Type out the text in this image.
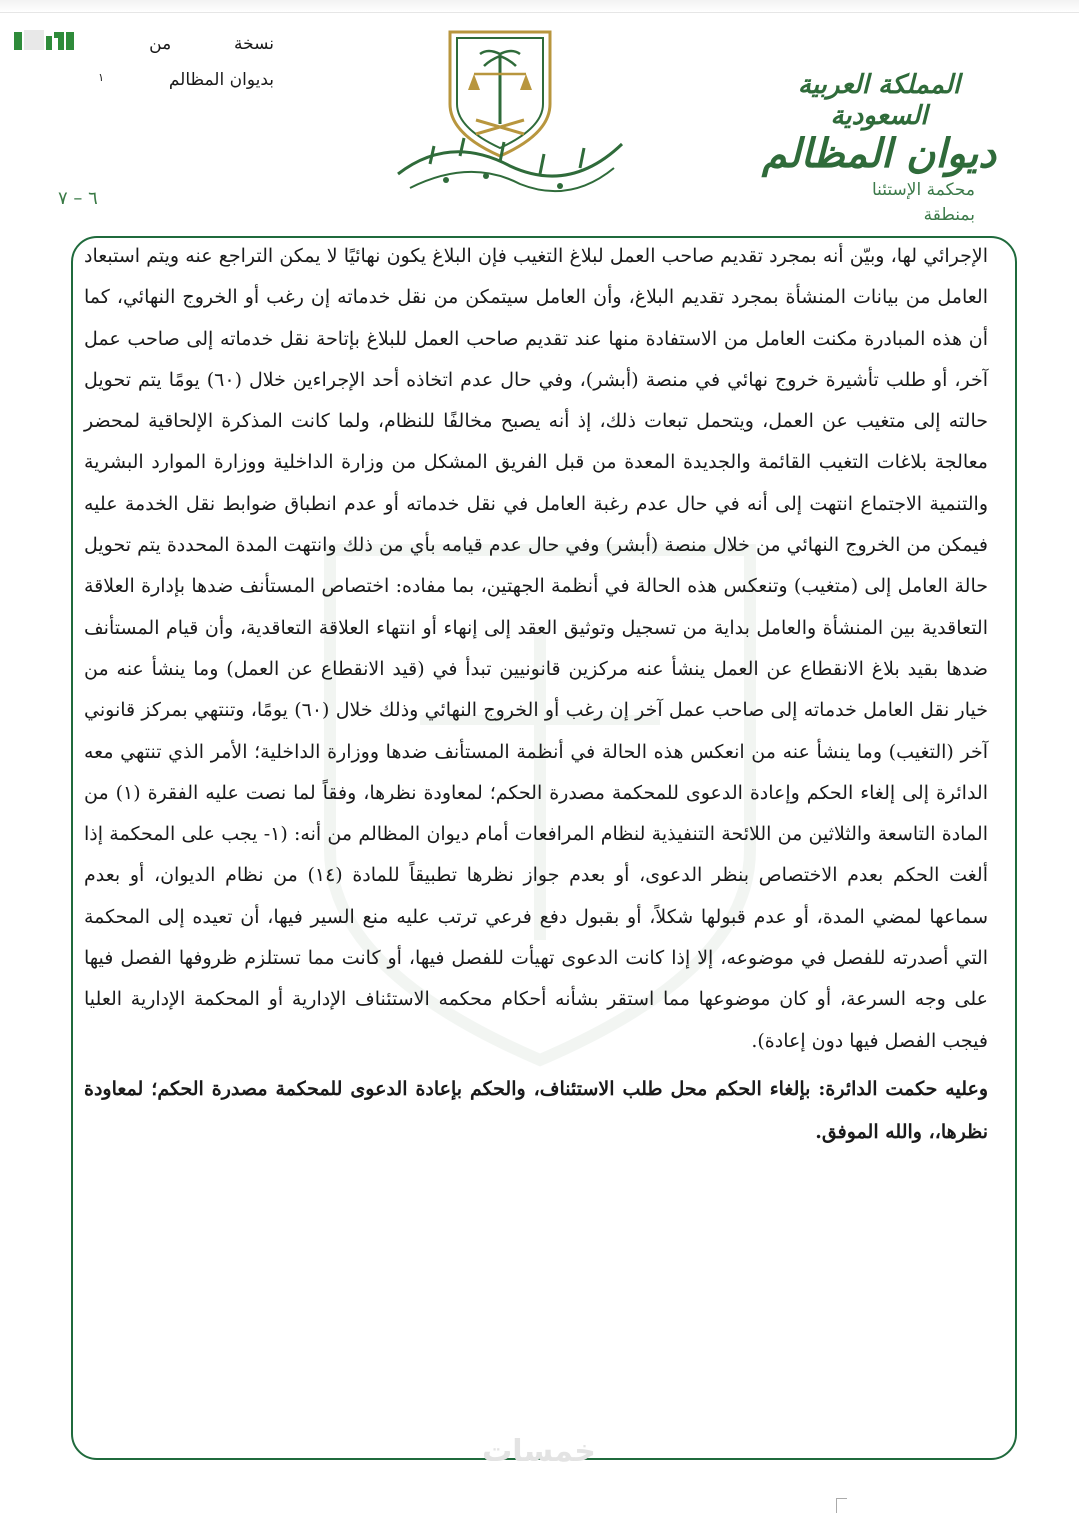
نسخة  من
بديوان المظالم  $^١$
٦ – ٧
المملكة العربية السعودية
ديوان المظالم
محكمة الإستئنا
بمنطقة

الإجرائي لها، وبيّن أنه بمجرد تقديم صاحب العمل لبلاغ التغيب فإن البلاغ يكون نهائيًا لا يمكن التراجع عنه ويتم استبعاد العامل من بيانات المنشأة بمجرد تقديم البلاغ، وأن العامل سيتمكن من نقل خدماته إن رغب أو الخروج النهائي، كما أن هذه المبادرة مكنت العامل من الاستفادة منها عند تقديم صاحب العمل للبلاغ بإتاحة نقل خدماته إلى صاحب عمل آخر، أو طلب تأشيرة خروج نهائي في منصة (أبشر)، وفي حال عدم اتخاذه أحد الإجراءين خلال (٦٠) يومًا يتم تحويل حالته إلى متغيب عن العمل، ويتحمل تبعات ذلك، إذ أنه يصبح مخالفًا للنظام، ولما كانت المذكرة الإلحاقية لمحضر معالجة بلاغات التغيب القائمة والجديدة المعدة من قبل الفريق المشكل من وزارة الداخلية ووزارة الموارد البشرية والتنمية الاجتماع انتهت إلى أنه في حال عدم رغبة العامل في نقل خدماته أو عدم انطباق ضوابط نقل الخدمة عليه فيمكن من الخروج النهائي من خلال منصة (أبشر) وفي حال عدم قيامه بأي من ذلك وانتهت المدة المحددة يتم تحويل حالة العامل إلى (متغيب) وتنعكس هذه الحالة في أنظمة الجهتين، بما مفاده: اختصاص المستأنف ضدها بإدارة العلاقة التعاقدية بين المنشأة والعامل بداية من تسجيل وتوثيق العقد إلى إنهاء أو انتهاء العلاقة التعاقدية، وأن قيام المستأنف ضدها بقيد بلاغ الانقطاع عن العمل ينشأ عنه مركزين قانونيين تبدأ في (قيد الانقطاع عن العمل) وما ينشأ عنه من خيار نقل العامل خدماته إلى صاحب عمل آخر إن رغب أو الخروج النهائي وذلك خلال (٦٠) يومًا، وتنتهي بمركز قانوني آخر (التغيب) وما ينشأ عنه من انعكس هذه الحالة في أنظمة المستأنف ضدها ووزارة الداخلية؛ الأمر الذي تنتهي معه الدائرة إلى إلغاء الحكم وإعادة الدعوى للمحكمة مصدرة الحكم؛ لمعاودة نظرها، وفقاً لما نصت عليه الفقرة (١) من المادة التاسعة والثلاثين من اللائحة التنفيذية لنظام المرافعات أمام ديوان المظالم من أنه: (١- يجب على المحكمة إذا ألغت الحكم بعدم الاختصاص بنظر الدعوى، أو بعدم جواز نظرها تطبيقاً للمادة (١٤) من نظام الديوان، أو بعدم سماعها لمضي المدة، أو عدم قبولها شكلاً، أو بقبول دفع فرعي ترتب عليه منع السير فيها، أن تعيده إلى المحكمة التي أصدرته للفصل في موضوعه، إلا إذا كانت الدعوى تهيأت للفصل فيها، أو كانت مما تستلزم ظروفها الفصل فيها على وجه السرعة، أو كان موضوعها مما استقر بشأنه أحكام محكمه الاستئناف الإدارية أو المحكمة الإدارية العليا فيجب الفصل فيها دون إعادة).

وعليه حكمت الدائرة: بإلغاء الحكم محل طلب الاستئناف، والحكم بإعادة الدعوى للمحكمة مصدرة الحكم؛ لمعاودة نظرها،، والله الموفق.

خمسات
